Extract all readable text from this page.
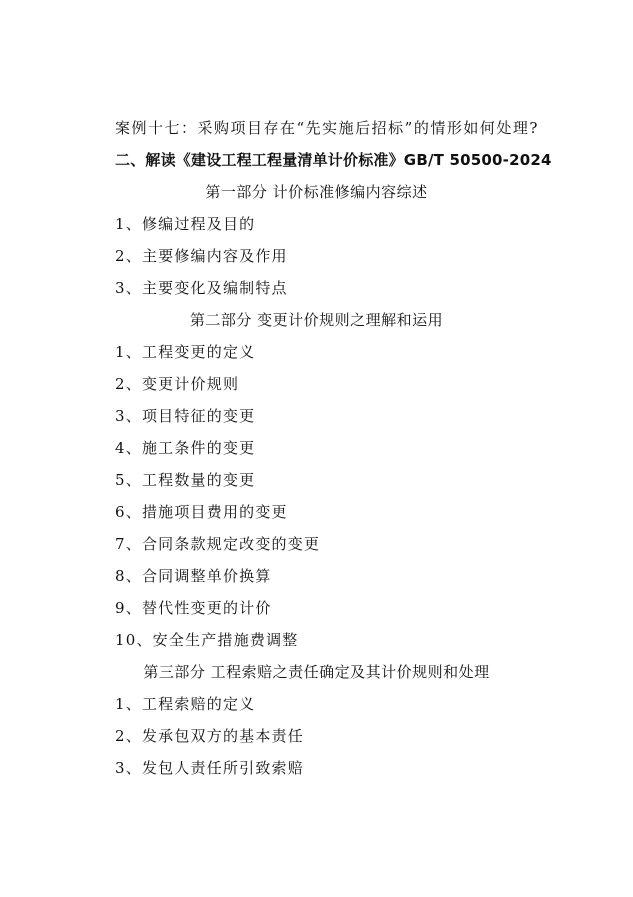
案例十七：采购项目存在“先实施后招标”的情形如何处理?
二、解读《建设工程工程量清单计价标准》GB/T 50500-2024
第一部分 计价标准修编内容综述
1、修编过程及目的
2、主要修编内容及作用
3、主要变化及编制特点
第二部分 变更计价规则之理解和运用
1、工程变更的定义
2、变更计价规则
3、项目特征的变更
4、施工条件的变更
5、工程数量的变更
6、措施项目费用的变更
7、合同条款规定改变的变更
8、合同调整单价换算
9、替代性变更的计价
10、安全生产措施费调整
第三部分 工程索赔之责任确定及其计价规则和处理
1、工程索赔的定义
2、发承包双方的基本责任
3、发包人责任所引致索赔
